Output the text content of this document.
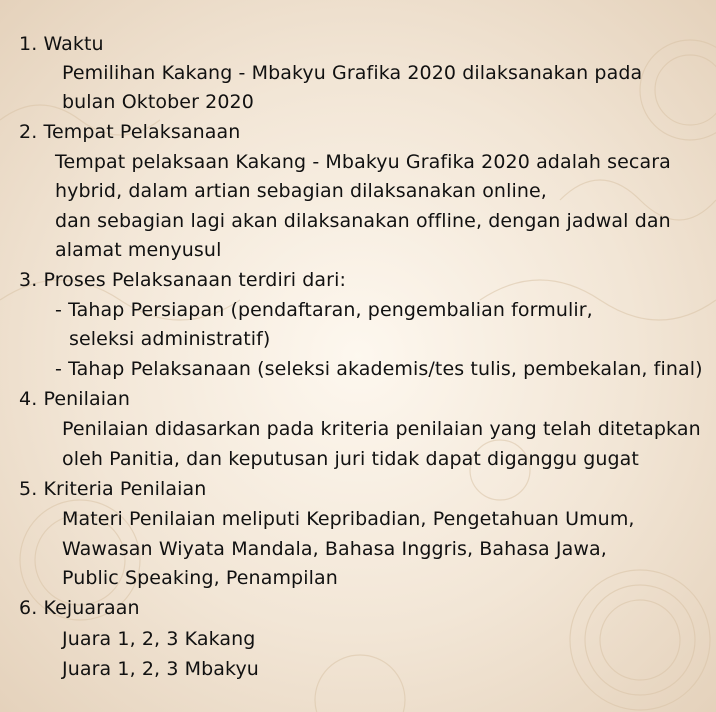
1. Waktu
Pemilihan Kakang - Mbakyu Grafika 2020 dilaksanakan pada
bulan Oktober 2020
2. Tempat Pelaksanaan
Tempat pelaksaan Kakang - Mbakyu Grafika 2020 adalah secara
hybrid, dalam artian sebagian dilaksanakan online,
dan sebagian lagi akan dilaksanakan offline, dengan jadwal dan
alamat menyusul
3. Proses Pelaksanaan terdiri dari:
- Tahap Persiapan (pendaftaran, pengembalian formulir,
seleksi administratif)
- Tahap Pelaksanaan (seleksi akademis/tes tulis, pembekalan, final)
4. Penilaian
Penilaian didasarkan pada kriteria penilaian yang telah ditetapkan
oleh Panitia, dan keputusan juri tidak dapat diganggu gugat
5. Kriteria Penilaian
Materi Penilaian meliputi Kepribadian, Pengetahuan Umum,
Wawasan Wiyata Mandala, Bahasa Inggris, Bahasa Jawa,
Public Speaking, Penampilan
6. Kejuaraan
Juara 1, 2, 3 Kakang
Juara 1, 2, 3 Mbakyu
